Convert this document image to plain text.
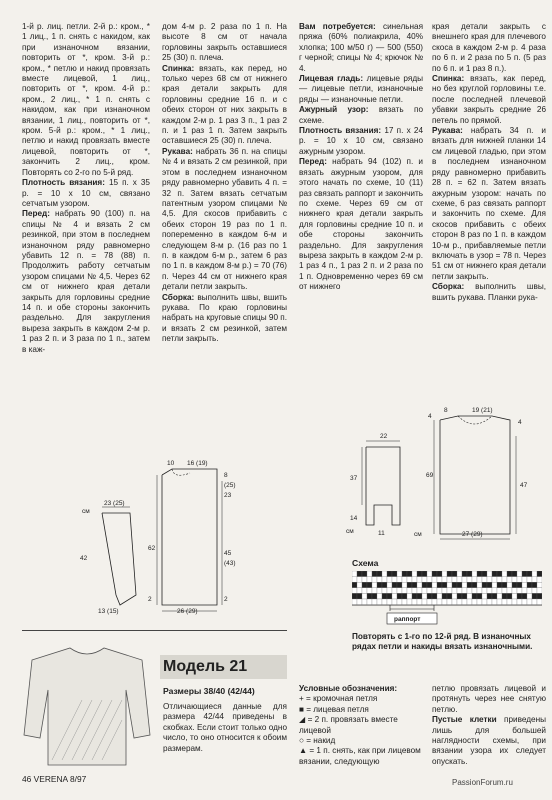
1-й р. лиц. петли. 2-й р.: кром., * 1 лиц., 1 п. снять с накидом, как при изнаночном вязании, повторить от *, кром. 3-й р.: кром., * петлю и накид провязать вместе лицевой, 1 лиц., повторить от *, кром. 4-й р.: кром., 2 лиц., * 1 п. снять с накидом, как при изнаночном вязании, 1 лиц., повторить от *, кром. 5-й р.: кром., * 1 лиц., петлю и накид провязать вместе лицевой, повторить от *, закончить 2 лиц., кром. Повторять со 2-го по 5-й ряд.

Плотность вязания: 15 п. х 35 р. = 10 х 10 см, связано сетчатым узором.

Перед: набрать 90 (100) п. на спицы № 4 и вязать 2 см резинкой, при этом в последнем изнаночном ряду равномерно убавить 12 п. = 78 (88) п. Продолжить работу сетчатым узором спицами № 4,5. Через 62 см от нижнего края детали закрыть для горловины средние 14 п. и обе стороны закончить раздельно. Для закругления выреза закрыть в каждом 2-м р. 1 раз 2 п. и 3 раза по 1 п., затем в каж-

дом 4-м р. 2 раза по 1 п. На высоте 8 см от начала горловины закрыть оставшиеся 25 (30) п. плеча.

Спинка: вязать, как перед, но только через 68 см от нижнего края детали закрыть для горловины средние 16 п. и с обеих сторон от них закрыть в каждом 2-м р. 1 раз 3 п., 1 раз 2 п. и 1 раз 1 п. Затем закрыть оставшиеся 25 (30) п. плеча.

Рукава: набрать 36 п. на спицы № 4 и вязать 2 см резинкой, при этом в последнем изнаночном ряду равномерно убавить 4 п. = 32 п. Затем вязать сетчатым патентным узором спицами № 4,5. Для скосов прибавить с обеих сторон 19 раз по 1 п. попеременно в каждом 6-м и следующем 8-м р. (16 раз по 1 п. в каждом 6-м р., затем 6 раз по 1 п. в каждом 8-м р.) = 70 (76) п. Через 44 см от нижнего края детали петли закрыть.

Сборка: выполнить швы, вшить рукава. По краю горловины набрать на круговые спицы 90 п. и вязать 2 см резинкой, затем петли закрыть.

Вам потребуется: синельная пряжа (60% полиакрила, 40% хлопка; 100 м/50 г) — 500 (550) г черной; спицы № 4; крючок № 4.

Лицевая гладь: лицевые ряды — лицевые петли, изнаночные ряды — изнаночные петли.

Ажурный узор: вязать по схеме.

Плотность вязания: 17 п. х 24 р. = 10 х 10 см, связано ажурным узором.

Перед: набрать 94 (102) п. и вязать ажурным узором, для этого начать по схеме, 10 (11) раз связать раппорт и закончить по схеме. Через 69 см от нижнего края детали закрыть для горловины средние 10 п. и обе стороны закончить раздельно. Для закругления выреза закрыть в каждом 2-м р. 1 раз 4 п., 1 раз 2 п. и 2 раза по 1 п. Одновременно через 69 см от нижнего

края детали закрыть с внешнего края для плечевого скоса в каждом 2-м р. 4 раза по 6 п. и 2 раза по 5 п. (5 раз по 6 п. и 1 раз 8 п.).

Спинка: вязать, как перед, но без круглой горловины т.е. после последней плечевой убавки закрыть средние 26 петель по прямой.

Рукава: набрать 34 п. и вязать для нижней планки 14 см лицевой гладью, при этом в последнем изнаночном ряду равномерно прибавить 28 п. = 62 п. Затем вязать ажурным узором: начать по схеме, 6 раз связать раппорт и закончить по схеме. Для скосов прибавить с обеих сторон 8 раз по 1 п. в каждом 10-м р., прибавляемые петли включать в узор = 78 п. Через 51 см от нижнего края детали петли закрыть.

Сборка: выполнить швы, вшить рукава. Планки рука-

10 16 (19)
(25)
23
8
см
23 (25)
62
45
(43)
42
2	2
13 (15)	26 (29)
22
37
14
11
см
8	19 (21)
4
4
69
47
27 (29)
см
Схема
раппорт
Повторять с 1-го по 12-й ряд. В изнаночных рядах петли и накиды вязать изнаночными.
Модель 21
Размеры 38/40 (42/44)
Отличающиеся данные для размера 42/44 приведены в скобках. Если стоит только одно число, то оно относится к обоим размерам.
Условные обозначения:
+ = кромочная петля
■ = лицевая петля
◢ = 2 п. провязать вместе лицевой
○ = накид
▲ = 1 п. снять, как при лицевом вязании, следующую
петлю провязать лицевой и протянуть через нее снятую петлю.
Пустые клетки приведены лишь для большей наглядности схемы, при вязании узора их следует опускать.
46 VERENA 8/97	PassionForum.ru
